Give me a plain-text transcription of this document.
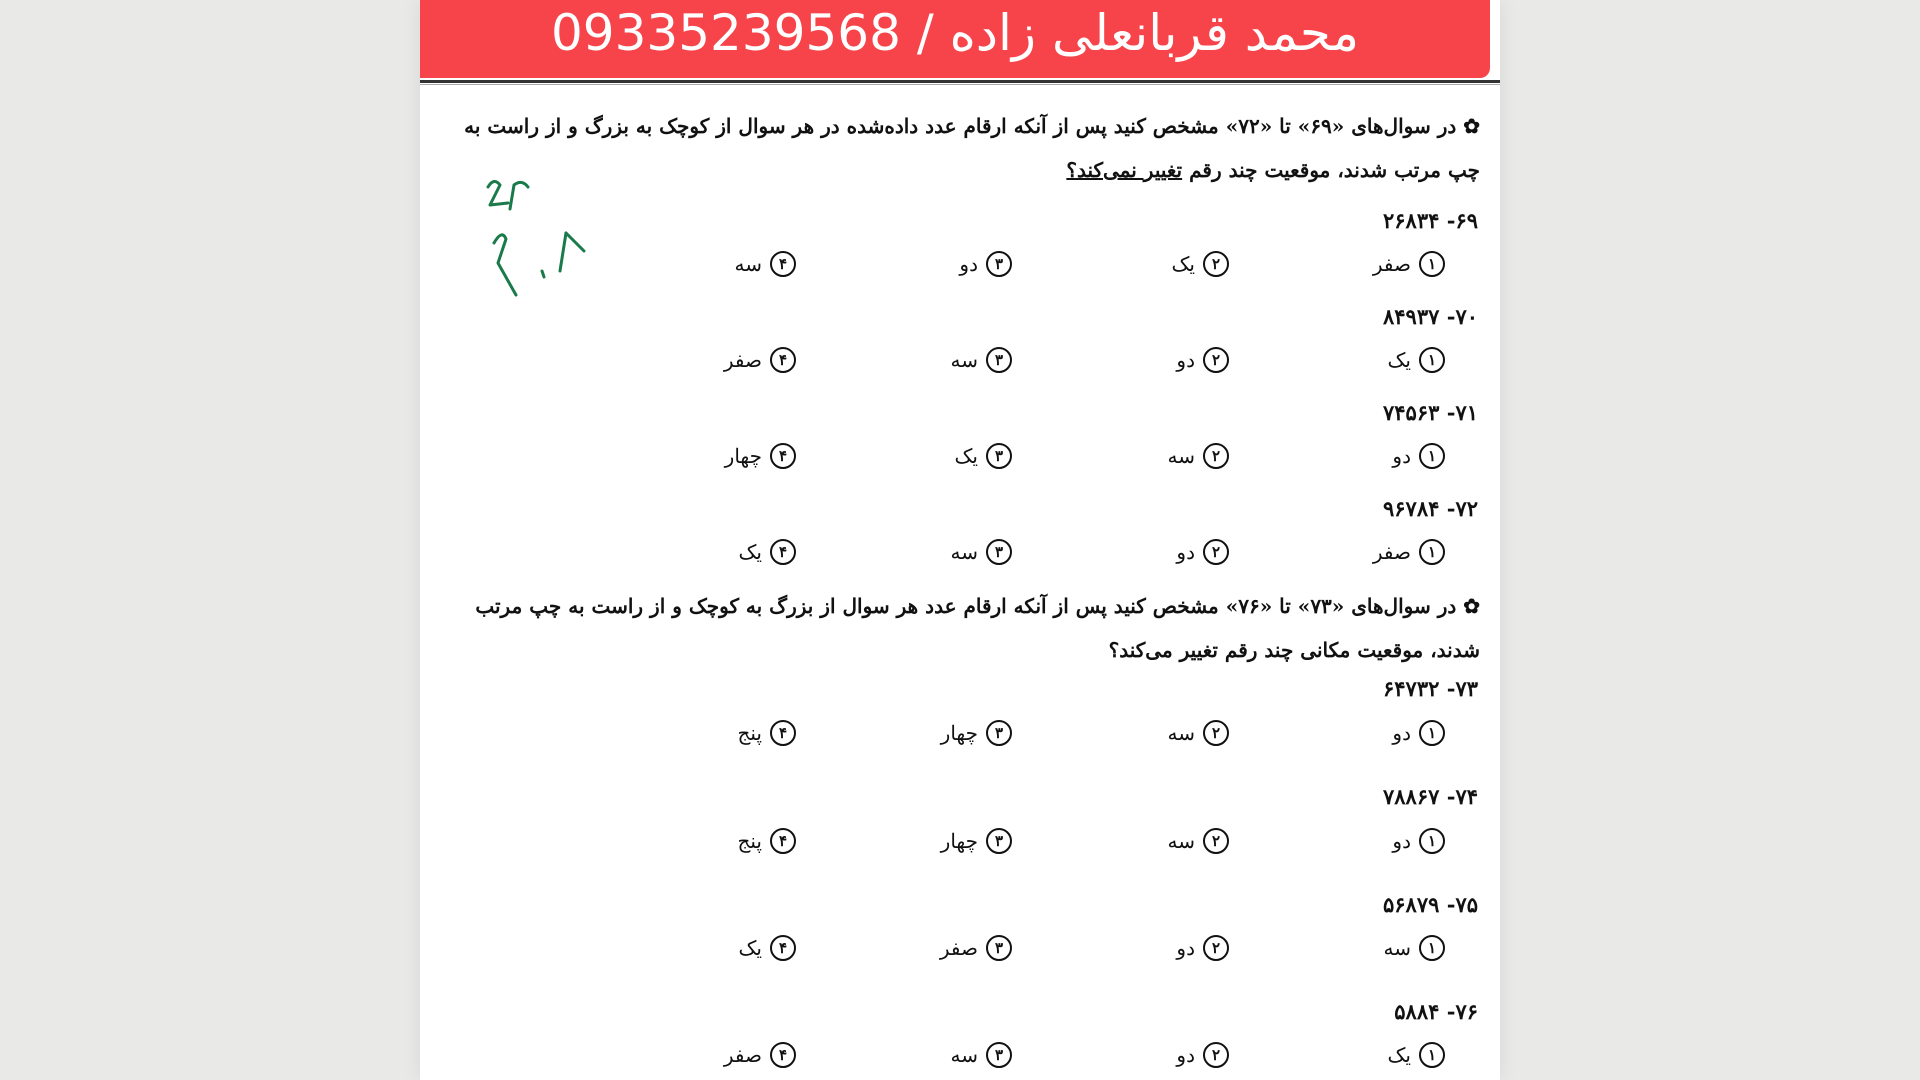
محمد قربانعلی زاده / 09335239568
✿ در سوال‌های «۶۹» تا «۷۲» مشخص کنید پس از آنکه ارقام عدد داده‌شده در هر سوال از کوچک به بزرگ و از راست به چپ مرتب شدند، موقعیت چند رقم تغییر نمی‌کند؟
۶۹- ۲۶۸۳۴
۱
صفر
۲
یک
۳
دو
۴
سه
۷۰- ۸۴۹۳۷
۱
یک
۲
دو
۳
سه
۴
صفر
۷۱- ۷۴۵۶۳
۱
دو
۲
سه
۳
یک
۴
چهار
۷۲- ۹۶۷۸۴
۱
صفر
۲
دو
۳
سه
۴
یک
✿ در سوال‌های «۷۳» تا «۷۶» مشخص کنید پس از آنکه ارقام عدد هر سوال از بزرگ به کوچک و از راست به چپ مرتب شدند، موقعیت مکانی چند رقم تغییر می‌کند؟
۷۳- ۶۴۷۳۲
۱
دو
۲
سه
۳
چهار
۴
پنج
۷۴- ۷۸۸۶۷
۱
دو
۲
سه
۳
چهار
۴
پنج
۷۵- ۵۶۸۷۹
۱
سه
۲
دو
۳
صفر
۴
یک
۷۶- ۵۸۸۴
۱
یک
۲
دو
۳
سه
۴
صفر
